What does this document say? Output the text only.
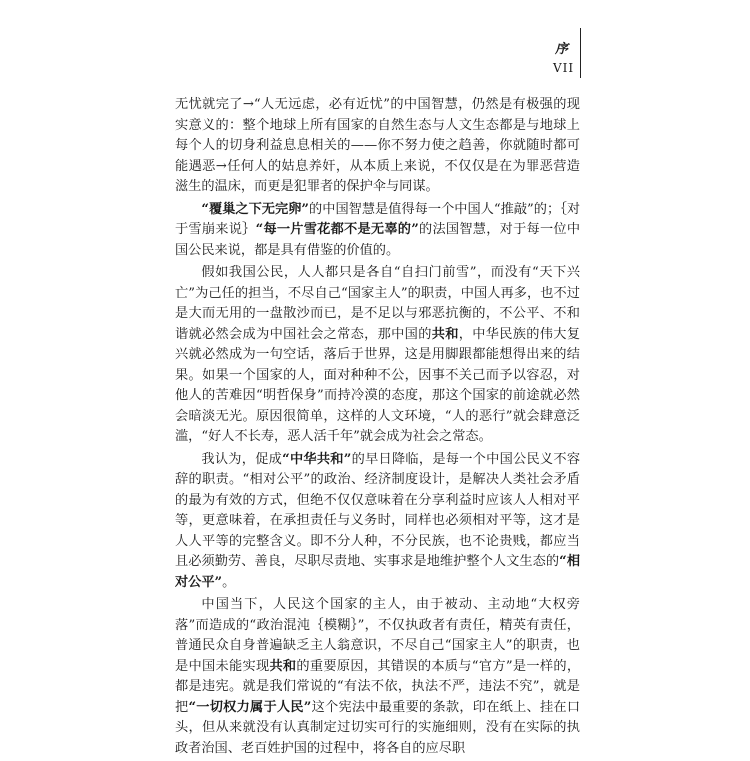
序
VII

无忧就完了→“人无远虑，必有近忧”的中国智慧，仍然是有极强的现实意义的：整个地球上所有国家的自然生态与人文生态都是与地球上每个人的切身利益息息相关的——你不努力使之趋善，你就随时都可能遇恶→任何人的姑息养奸，从本质上来说，不仅仅是在为罪恶营造滋生的温床，而更是犯罪者的保护伞与同谋。

“覆巢之下无完卵”的中国智慧是值得每一个中国人“推敲”的；｛对于雪崩来说｝“每一片雪花都不是无辜的”的法国智慧，对于每一位中国公民来说，都是具有借鉴的价值的。

假如我国公民，人人都只是各自“自扫门前雪”，而没有“天下兴亡”为己任的担当，不尽自己“国家主人”的职责，中国人再多，也不过是大而无用的一盘散沙而已，是不足以与邪恶抗衡的，不公平、不和谐就必然会成为中国社会之常态，那中国的共和，中华民族的伟大复兴就必然成为一句空话，落后于世界，这是用脚跟都能想得出来的结果。如果一个国家的人，面对种种不公，因事不关己而予以容忍，对他人的苦难因“明哲保身”而持冷漠的态度，那这个国家的前途就必然会暗淡无光。原因很简单，这样的人文环境，“人的恶行”就会肆意泛滥，“好人不长寿，恶人活千年”就会成为社会之常态。

我认为，促成“中华共和”的早日降临，是每一个中国公民义不容辞的职责。“相对公平”的政治、经济制度设计，是解决人类社会矛盾的最为有效的方式，但绝不仅仅意味着在分享利益时应该人人相对平等，更意味着，在承担责任与义务时，同样也必须相对平等，这才是人人平等的完整含义。即不分人种，不分民族，也不论贵贱，都应当且必须勤劳、善良，尽职尽责地、实事求是地维护整个人文生态的“相对公平”。

中国当下，人民这个国家的主人，由于被动、主动地“大权旁落”而造成的“政治混沌｛模糊｝”，不仅执政者有责任，精英有责任，普通民众自身普遍缺乏主人翁意识，不尽自己“国家主人”的职责，也是中国未能实现共和的重要原因，其错误的本质与“官方”是一样的，都是违宪。就是我们常说的“有法不依，执法不严，违法不究”，就是把“一切权力属于人民”这个宪法中最重要的条款，印在纸上、挂在口头，但从来就没有认真制定过切实可行的实施细则，没有在实际的执政者治国、老百姓护国的过程中，将各自的应尽职
